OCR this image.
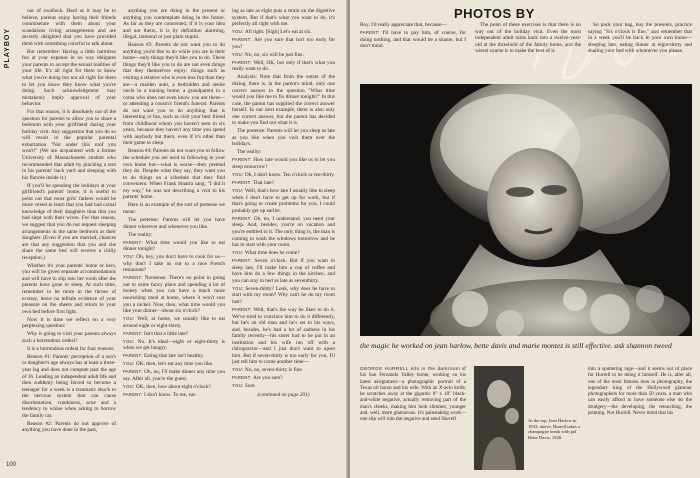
PLAYBOY

out of swallock. Hard as it may be to believe, parents enjoy having their friends commiserate with them about your scandalous living arrangements and are secretly delighted that you have provided them with something colorful to talk about.

But remember: Having a little harmless fun at your expense in no way obligates your parents to accept the sexual realities of your life. It's all right for them to know what you're doing but not all right for them to let you know they know what you're doing. Such acknowledgment may mistakenly imply approval of your behavior.

For that reason, it is absolutely out of the question for parents to allow you to share a bedroom with your girlfriend during your holiday visit. Any suggestion that you do so will result in the popular parental exhortation "Not under this roof you won't!" (We are acquainted with a former University of Massachusetts student who recommended that adult by pinching a tent in his parents' back yard and sleeping with his fiancée inside it.)

If you'll be spending the holidays at your girlfriend's parents' home, it is useful to point out that most girls' fathers would be more vexed to learn that you had had carnal knowledge of their daughters than that you had slept with their wives. For that reason, we suggest that you do not request sleeping arrangements in the same bedroom as their daughter. (Even if you are married, chances are that any suggestion that you and she share the same bed will receive a chilly reception.)

Whether it's your parents' home or hers, you will be given separate accommodations and will have to slip into her room after the parents have gone to sleep. At such time, remember to be more in the throes of ecstasy, leave no telltale evidence of your pleasure on the sheets and return to your own bed before first light.

Now it is time we reflect on a very perplexing question:

Why is going to visit your parents always such a horrendous ordeal?

It is a horrendous ordeal for four reasons:

Reason #1: Parents' perception of a son's or daughter's age always has at least a three-year lag and does not compute past the age of 16. Leading an independent adult life and then suddenly being forced to become a teenager for a week is a traumatic shock to the nervous system that can cause disorientation, crankiness, acne and a tendency to whine when asking to borrow the family car.

Reason #2: Parents do not approve of anything you have done in the past,

anything you are doing in the present or anything you contemplate doing in the future. As far as they are concerned, if it is your idea and not theirs, it is by definition alarming, illegal, immoral or just plain stupid.

Reason #3: Parents do not want you to do anything you'd like to do while you are in their home—only things they'd like you to do. These things they'd like you to do are not even things that they themselves enjoy: things such as visiting a relative who is even less fun than they are—a maiden aunt, a bedridden and senile uncle in a nursing home, a grandparent in a coma who does not even know you are there—or attending a cousin's friend's funeral. Parents do not want you to do anything that is interesting or fun, such as visit your best friend from childhood whom you haven't seen in six years, because they haven't any time you spend with anybody but them, even if it's other than their game to sleep.

Reason #4: Parents do not want you to follow the schedule you are used to following in your own home but—what is worse—they pretend they do. Despite what they say, they want you to do things on a schedule that they find convenient. When Frank Sinatra sang, "I did it my way," he was not describing a visit to his parents' home.

Here is an example of the sort of pretense we mean:

The pretense: Parents will let you have dinner wherever and whenever you like.

The reality:

PARENT: What time would you like to eat dinner tonight?

YOU: Oh, hey, you don't have to cook for us—why don't I take us out to a nice French restaurant?

PARENT: Nonsense. There's no point in going out to some fancy place and spending a lot of money when you can have a much more nourishing meal at home, where it won't cost you a nickel. Now, then, what time would you like your dinner—about six o'clock?

YOU: Well, at home, we usually like to eat around eight or eight-thirty.

PARENT: Isn't that a little late?

YOU: No. It's ideal—eight or eight-thirty is when we get hungry.

PARENT: Eating that late isn't healthy.

YOU: OK, then, let's eat any time you like.

PARENT: Oh, no, I'll make dinner any time you say. After all, you're the guest.

YOU: OK, then, how about eight o'clock?

PARENT: I don't know. To me, eat-

ing as late as eight puts a strain on the digestive system. But if that's what you want to do, it's perfectly all right with me.

YOU: All right. [Sigh] Let's eat at six.

PARENT: Are you sure that isn't too early for you?

YOU: No, no, six will be just fine.

PARENT: Well, OK, but only if that's what you really want to do.

Analysis: Note that from the outset of the dialog, there is, in the parent's mind, only one correct answer to the question "What time would you like me to fix dinner tonight?" In this case, the parent has supplied the correct answer herself. In our next example, there is also only one correct answer, but the parent has decided to make you find out what it is.

The pretense: Parents will let you sleep as late as you like when you visit them over the holidays.

The reality:

PARENT: How late would you like us to let you sleep tomorrow?

YOU: Oh, I don't know. Ten o'clock or ten-thirty.

PARENT: That late?

YOU: Well, that's how late I usually like to sleep when I don't have to get up for work, but if that's going to create problems for you, I could probably get up earlier.

PARENT: Oh, no, I understand, you need your sleep. And, besides, you're on vacation and you're entitled to it. The only thing is, the man is coming to wash the windows tomorrow and he has to start with your room.

YOU: What time does he come?

PARENT: Seven o'clock. But if you want to sleep late, I'll make him a cup of coffee and have him do a few things in the kitchen, and you can stay in bed as late as seventhirty.

YOU: Seven-thirty? Look, why does he have to start with my room? Why can't he do my room last?

PARENT: Well, that's the way he likes to do it. We've tried to convince him to do it differently, but he's an old man and he's set in his ways, and, besides, he's had a lot of sadness in his family recently—his sister had to be put in an institution and his wife ran off with a chiropractor—and I just don't want to upset him. But if seven-thirty is too early for you, I'll just tell him to come another time—

YOU: No, no, seven-thirty is fine.

PARENT: Are you sure?

YOU: Sure.

(continued on page 201)

100
PHOTOS BY

Boy, I'd really appreciate that, because—

PARENT: I'll have to pay him, of course, for doing nothing, and that would be a shame, but I don't mind.

The point of these exercises is that there is no way out of the holiday visit. Even the most independent adult turns back into a twelve-year-old at the threshold of the family home, and the wisest course is to make the best of it.

So pack your bag, buy the presents, practice saying "Six o'clock is fine," and remember that in a week you'll be back in your own home—sleeping late, eating dinner at eight-thirty and sharing your bed with whomever you please.

the magic he worked on jean harlow, bette davis and marie montez is still effective. ask shannon tweed

GEORGE HURRELL sits in the darkroom of his San Fernando Valley home, working on his latest assignment—a photographic portrait of a Texas oil baron and his wife. With an X-acto knife, he scratches away at the gigantic 8" x 10" black-and-white negative, actually removing part of the man's cheeks, making him look slimmer, younger and, well, more glamorous. It's painstaking work—one slip will ruin the negative and send Hurrell	At the top, Jean Harlow in 1933; above, Hurrell takes a champagne break with pal Bette Davis, 1940.

into a sputtering rage—and it seems out of place for Hurrell to be doing it himself. He is, after all, one of the most famous men in photography, the legendary king of the Hollywood glamour photographers for more than 50 years, a man who can easily afford to have someone else do the drudgery—the developing, the retouching, the printing. Not Hurrell. Never mind that his
